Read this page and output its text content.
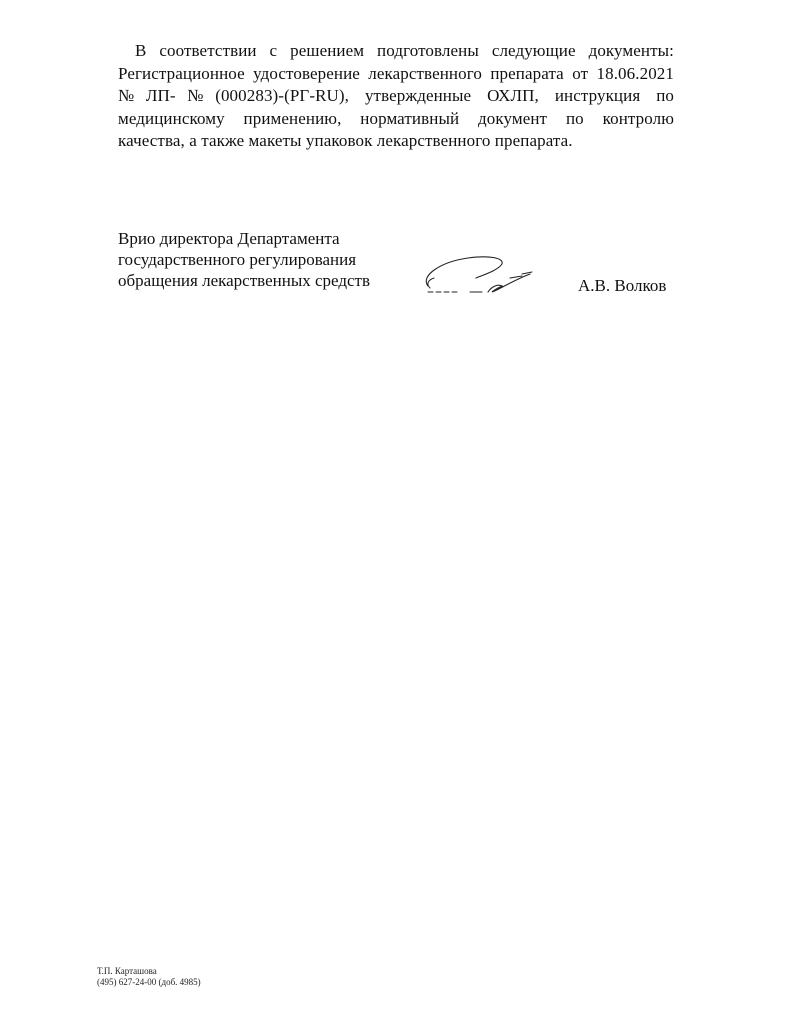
В соответствии с решением подготовлены следующие документы:
Регистрационное удостоверение лекарственного препарата от 18.06.2021
№ЛП-№(000283)-(РГ-RU), утвержденные ОХЛП, инструкция по
медицинскому применению, нормативный документ по контролю
качества, а также макеты упаковок лекарственного препарата.
Врио директора Департамента
государственного регулирования
обращения лекарственных средств	А.В. Волков
Т.П. Карташова
(495) 627-24-00 (доб. 4985)
